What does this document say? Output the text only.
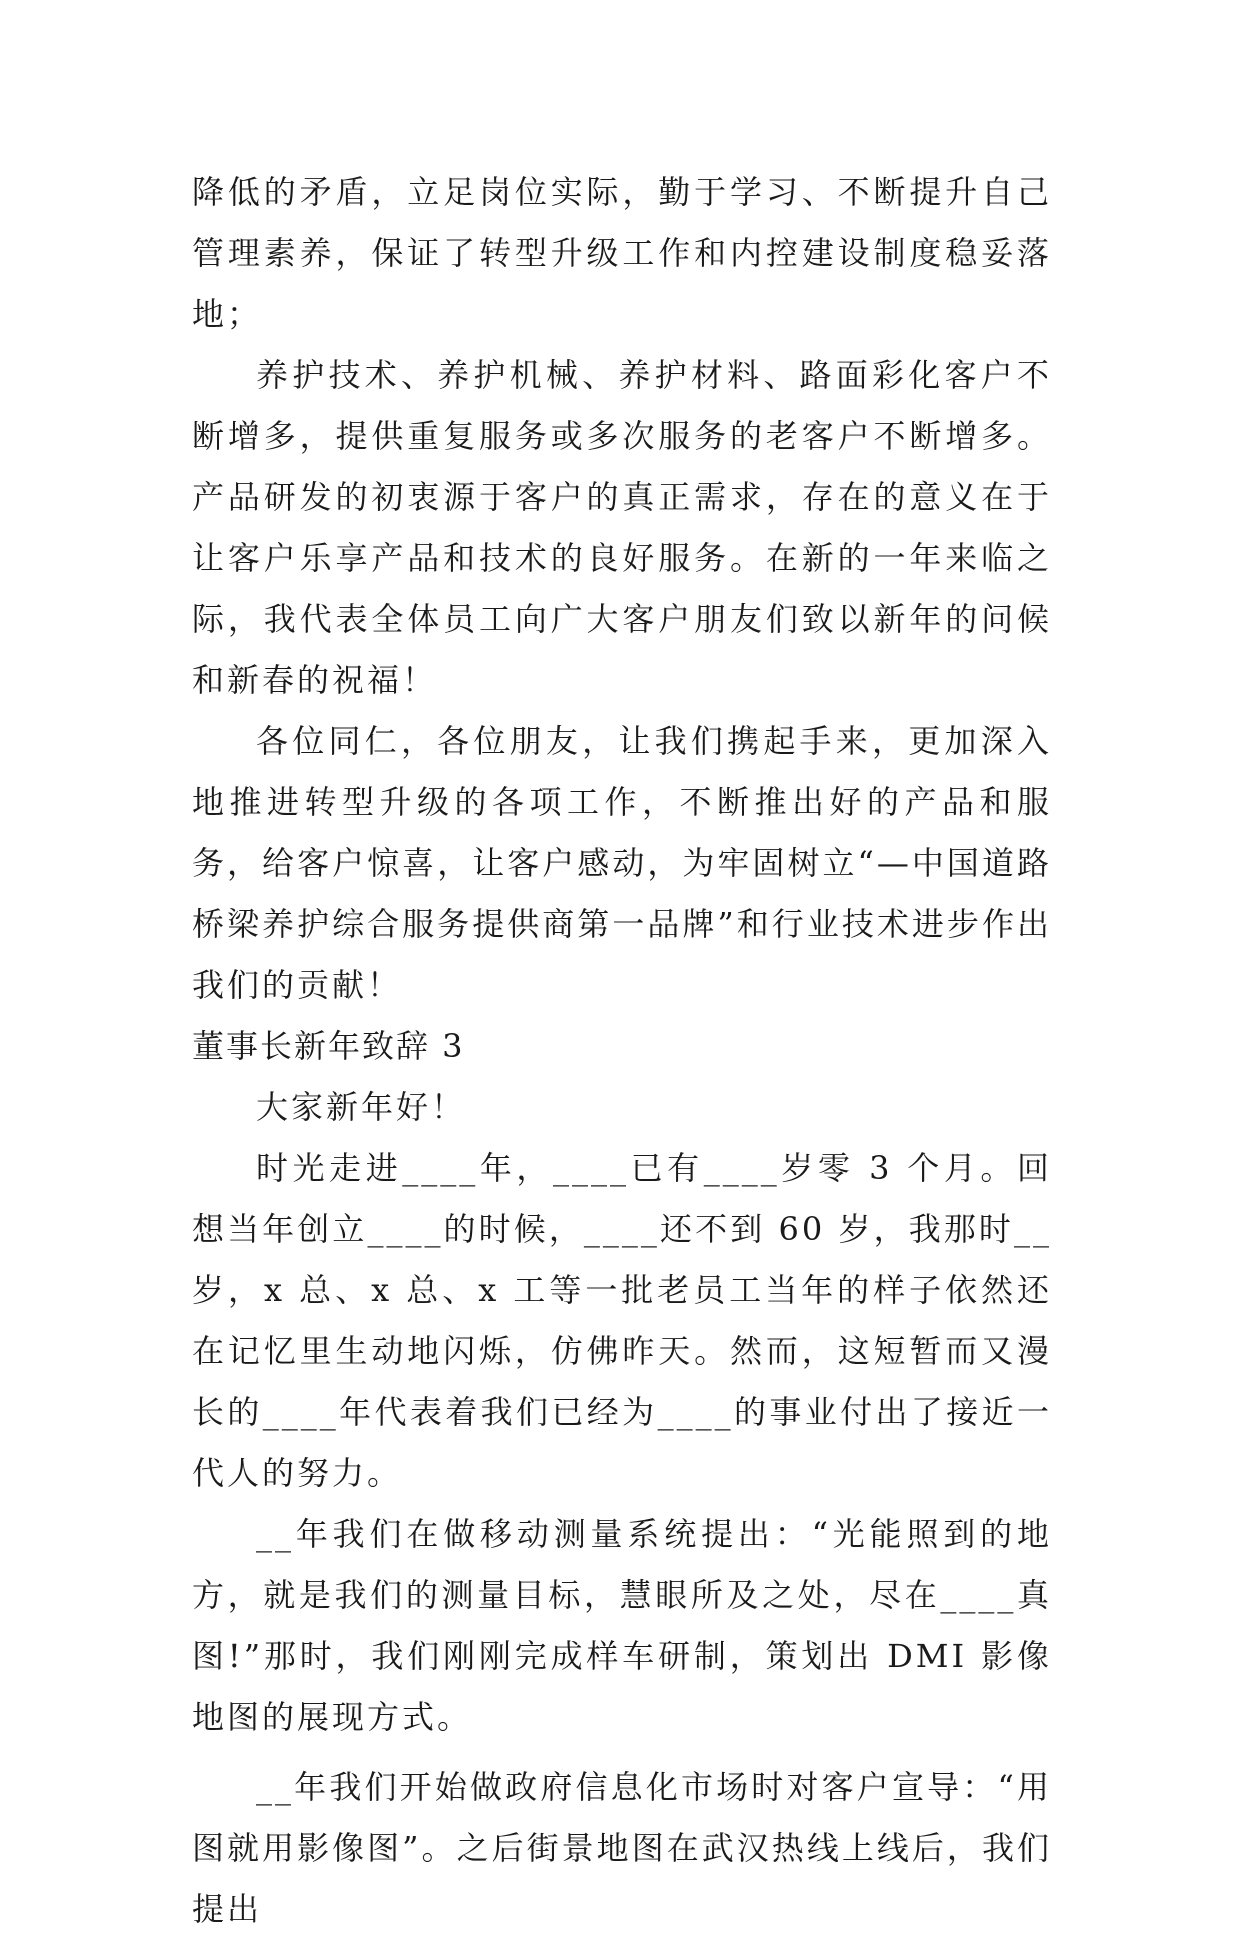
降低的矛盾，立足岗位实际，勤于学习、不断提升自己管理素养，保证了转型升级工作和内控建设制度稳妥落地；

养护技术、养护机械、养护材料、路面彩化客户不断增多，提供重复服务或多次服务的老客户不断增多。产品研发的初衷源于客户的真正需求，存在的意义在于让客户乐享产品和技术的良好服务。在新的一年来临之际，我代表全体员工向广大客户朋友们致以新年的问候和新春的祝福！

各位同仁，各位朋友，让我们携起手来，更加深入地推进转型升级的各项工作，不断推出好的产品和服务，给客户惊喜，让客户感动，为牢固树立“—中国道路桥梁养护综合服务提供商第一品牌”和行业技术进步作出我们的贡献！

董事长新年致辞 3

大家新年好！

时光走进____年，____已有____岁零 3 个月。回想当年创立____的时候，____还不到 60 岁，我那时__岁，x 总、x 总、x 工等一批老员工当年的样子依然还在记忆里生动地闪烁，仿佛昨天。然而，这短暂而又漫长的____年代表着我们已经为____的事业付出了接近一代人的努力。

__年我们在做移动测量系统提出：“光能照到的地方，就是我们的测量目标，慧眼所及之处，尽在____真图!”那时，我们刚刚完成样车研制，策划出 DMI 影像地图的展现方式。

__年我们开始做政府信息化市场时对客户宣导：“用图就用影像图”。之后街景地图在武汉热线上线后，我们提出
